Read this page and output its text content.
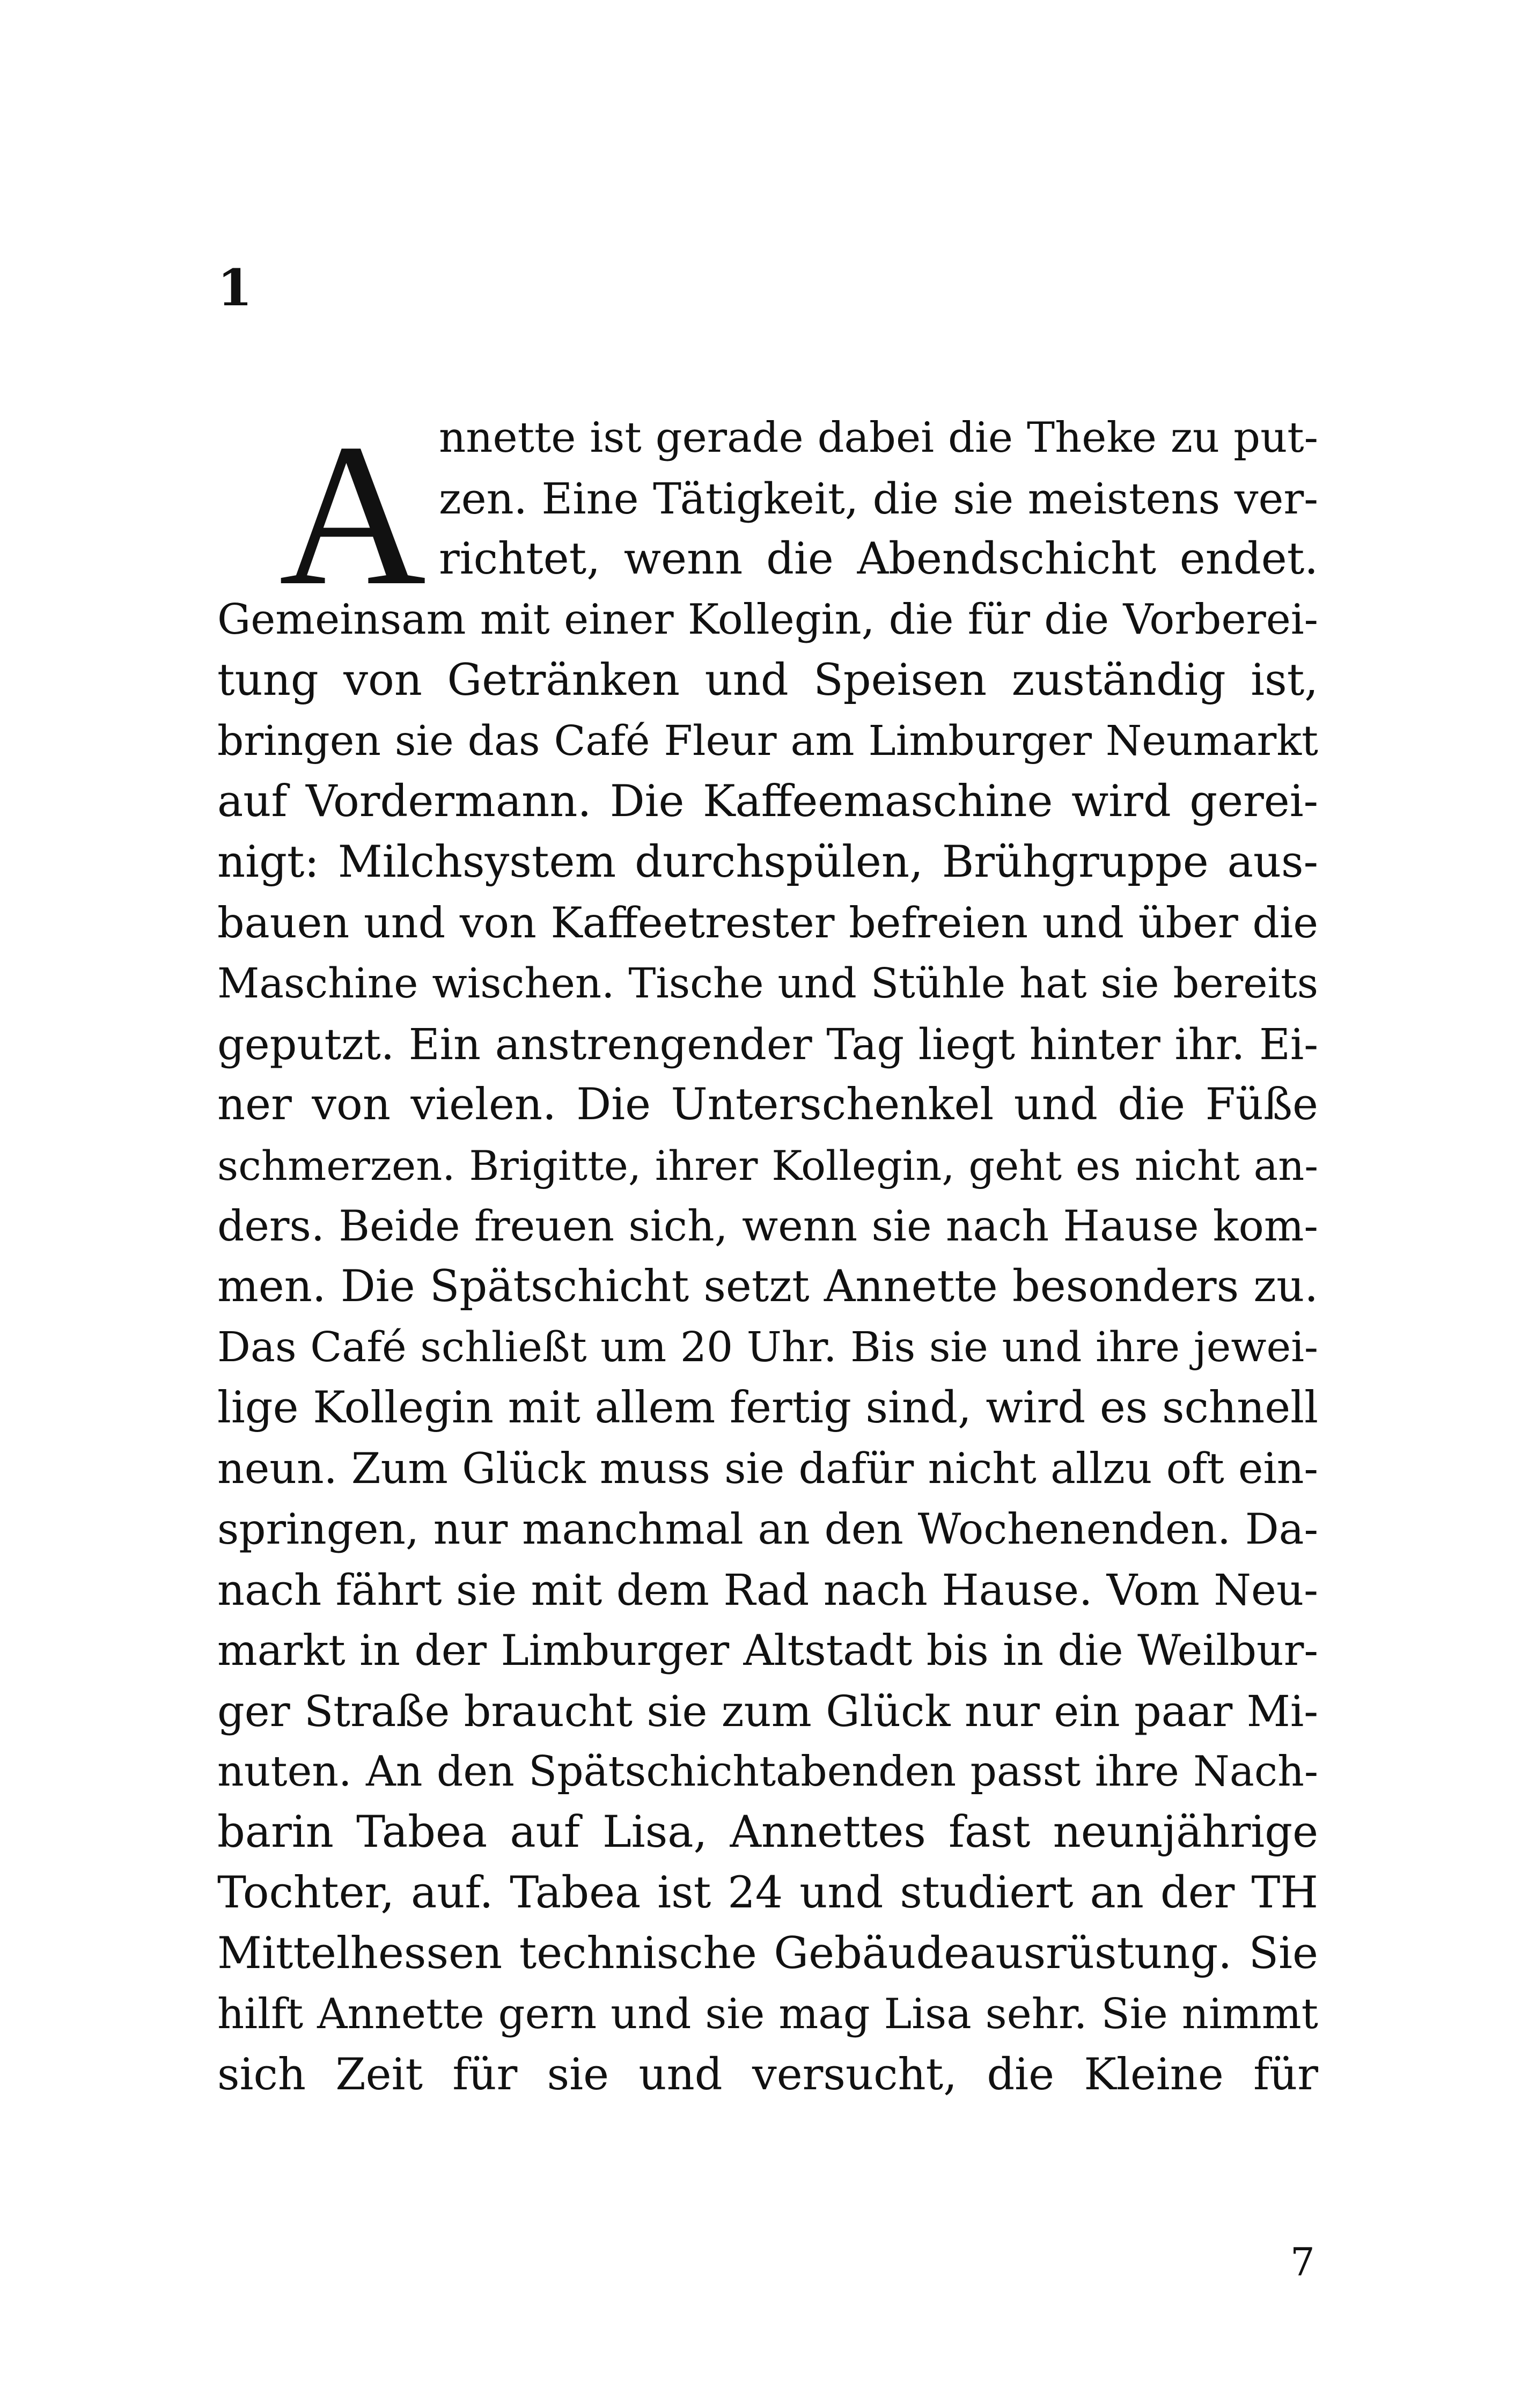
1
A nnette ist gerade dabei die Theke zu put-
zen. Eine Tätigkeit, die sie meistens ver-
richtet, wenn die Abendschicht endet.
Gemeinsam mit einer Kollegin, die für die Vorberei-
tung von Getränken und Speisen zuständig ist,
bringen sie das Café Fleur am Limburger Neumarkt
auf Vordermann. Die Kaffeemaschine wird gerei-
nigt: Milchsystem durchspülen, Brühgruppe aus-
bauen und von Kaffeetrester befreien und über die
Maschine wischen. Tische und Stühle hat sie bereits
geputzt. Ein anstrengender Tag liegt hinter ihr. Ei-
ner von vielen. Die Unterschenkel und die Füße
schmerzen. Brigitte, ihrer Kollegin, geht es nicht an-
ders. Beide freuen sich, wenn sie nach Hause kom-
men. Die Spätschicht setzt Annette besonders zu.
Das Café schließt um 20 Uhr. Bis sie und ihre jewei-
lige Kollegin mit allem fertig sind, wird es schnell
neun. Zum Glück muss sie dafür nicht allzu oft ein-
springen, nur manchmal an den Wochenenden. Da-
nach fährt sie mit dem Rad nach Hause. Vom Neu-
markt in der Limburger Altstadt bis in die Weilbur-
ger Straße braucht sie zum Glück nur ein paar Mi-
nuten. An den Spätschichtabenden passt ihre Nach-
barin Tabea auf Lisa, Annettes fast neunjährige
Tochter, auf. Tabea ist 24 und studiert an der TH
Mittelhessen technische Gebäudeausrüstung. Sie
hilft Annette gern und sie mag Lisa sehr. Sie nimmt
sich Zeit für sie und versucht, die Kleine für
7
